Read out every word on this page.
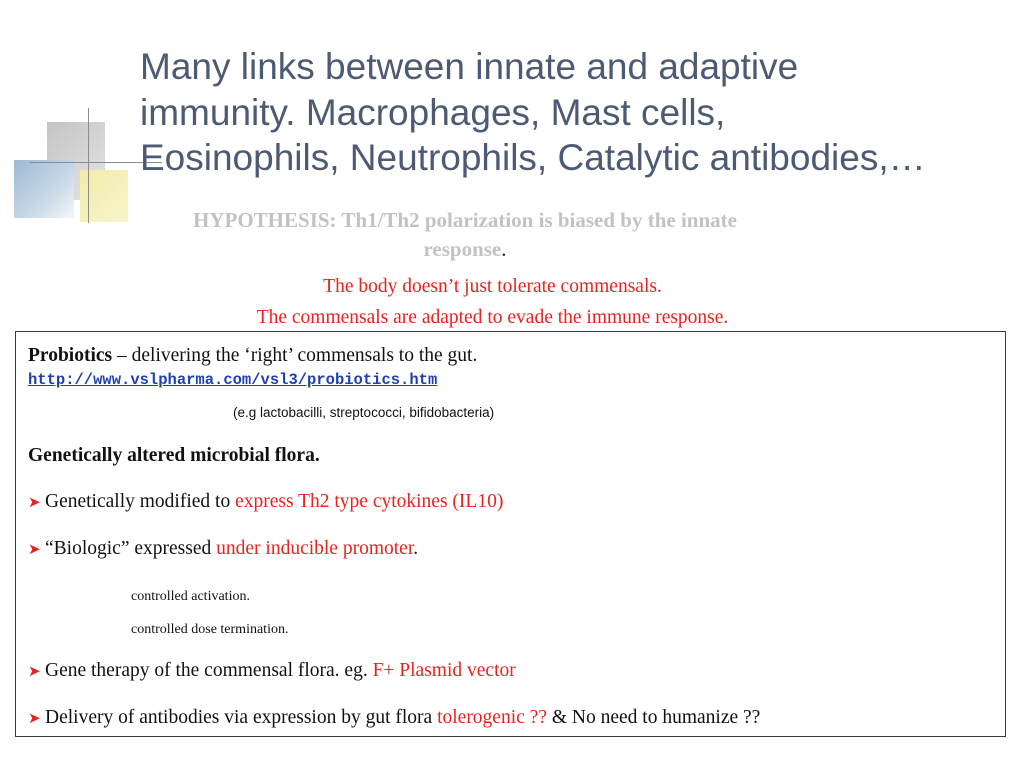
Many links between innate and adaptive
immunity. Macrophages, Mast cells,
Eosinophils, Neutrophils, Catalytic antibodies,…

HYPOTHESIS: Th1/Th2 polarization is biased by the innate
response.

The body doesn’t just tolerate commensals.

The commensals are adapted to evade the immune response.

Probiotics – delivering the ‘right’ commensals to the gut.

http://www.vslpharma.com/vsl3/probiotics.htm

(e.g lactobacilli, streptococci, bifidobacteria)

Genetically altered microbial flora.

➤ Genetically modified to express Th2 type cytokines (IL10)

➤ “Biologic” expressed under inducible promoter.

controlled activation.

controlled dose termination.

➤ Gene therapy of the commensal flora. eg. F+ Plasmid vector

➤ Delivery of antibodies via expression by gut flora tolerogenic ?? & No need to humanize ??
